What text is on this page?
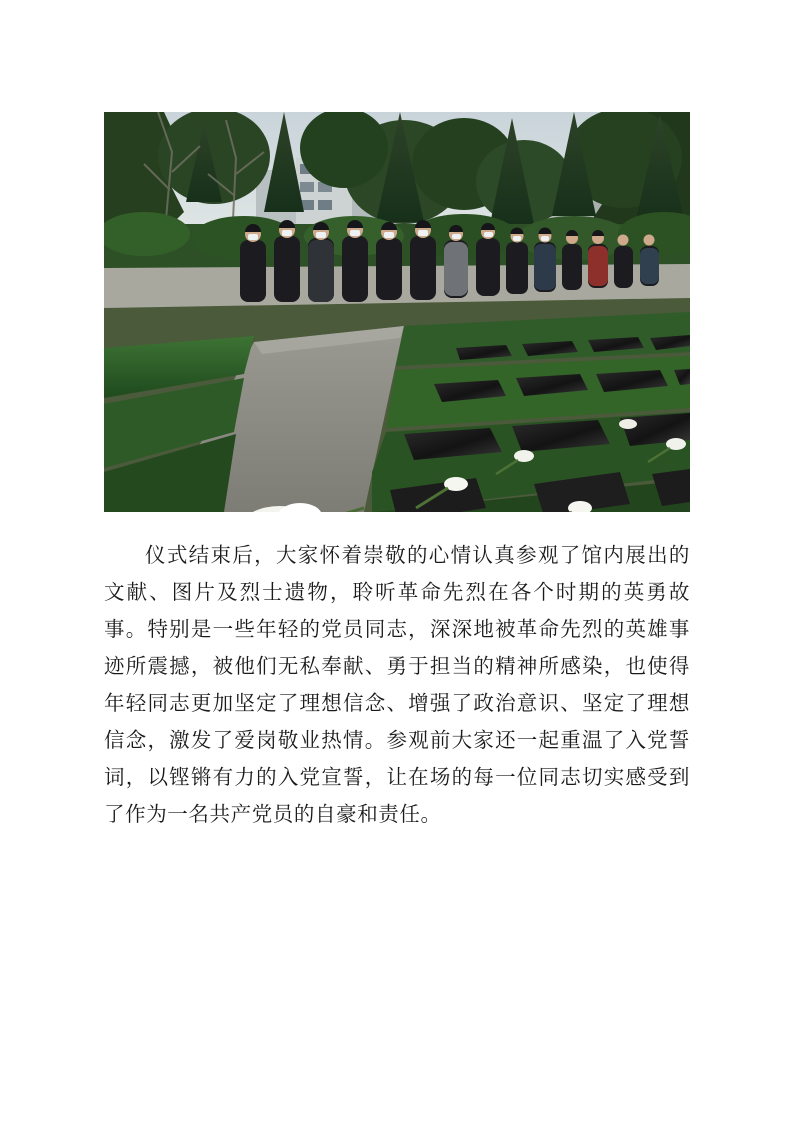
仪式结束后，大家怀着崇敬的心情认真参观了馆内展出的文献、图片及烈士遗物，聆听革命先烈在各个时期的英勇故事。特别是一些年轻的党员同志，深深地被革命先烈的英雄事迹所震撼，被他们无私奉献、勇于担当的精神所感染，也使得年轻同志更加坚定了理想信念、增强了政治意识、坚定了理想信念，激发了爱岗敬业热情。参观前大家还一起重温了入党誓词，以铿锵有力的入党宣誓，让在场的每一位同志切实感受到了作为一名共产党员的自豪和责任。
